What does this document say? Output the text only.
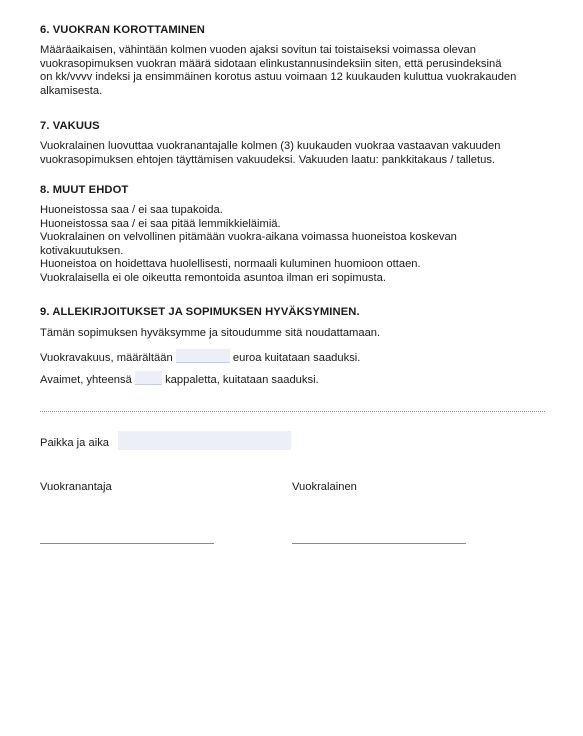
6. VUOKRAN KOROTTAMINEN

Määräaikaisen, vähintään kolmen vuoden ajaksi sovitun tai toistaiseksi voimassa olevan
vuokrasopimuksen vuokran määrä sidotaan elinkustannusindeksiin siten, että perusindeksinä
on kk/vvvv indeksi ja ensimmäinen korotus astuu voimaan 12 kuukauden kuluttua vuokrakauden
alkamisesta.

7. VAKUUS

Vuokralainen luovuttaa vuokranantajalle kolmen (3) kuukauden vuokraa vastaavan vakuuden
vuokrasopimuksen ehtojen täyttämisen vakuudeksi. Vakuuden laatu: pankkitakaus / talletus.

8. MUUT EHDOT

Huoneistossa saa / ei saa tupakoida.
Huoneistossa saa / ei saa pitää lemmikkieläimiä.
Vuokralainen on velvollinen pitämään vuokra-aikana voimassa huoneistoa koskevan
kotivakuutuksen.
Huoneistoa on hoidettava huolellisesti, normaali kuluminen huomioon ottaen.
Vuokralaisella ei ole oikeutta remontoida asuntoa ilman eri sopimusta.

9. ALLEKIRJOITUKSET JA SOPIMUKSEN HYVÄKSYMINEN.

Tämän sopimuksen hyväksymme ja sitoudumme sitä noudattamaan.
Vuokravakuus, määrältään	euroa kuitataan saaduksi.
Avaimet, yhteensä	kappaletta, kuitataan saaduksi.
Paikka ja aika
Vuokranantaja	Vuokralainen
